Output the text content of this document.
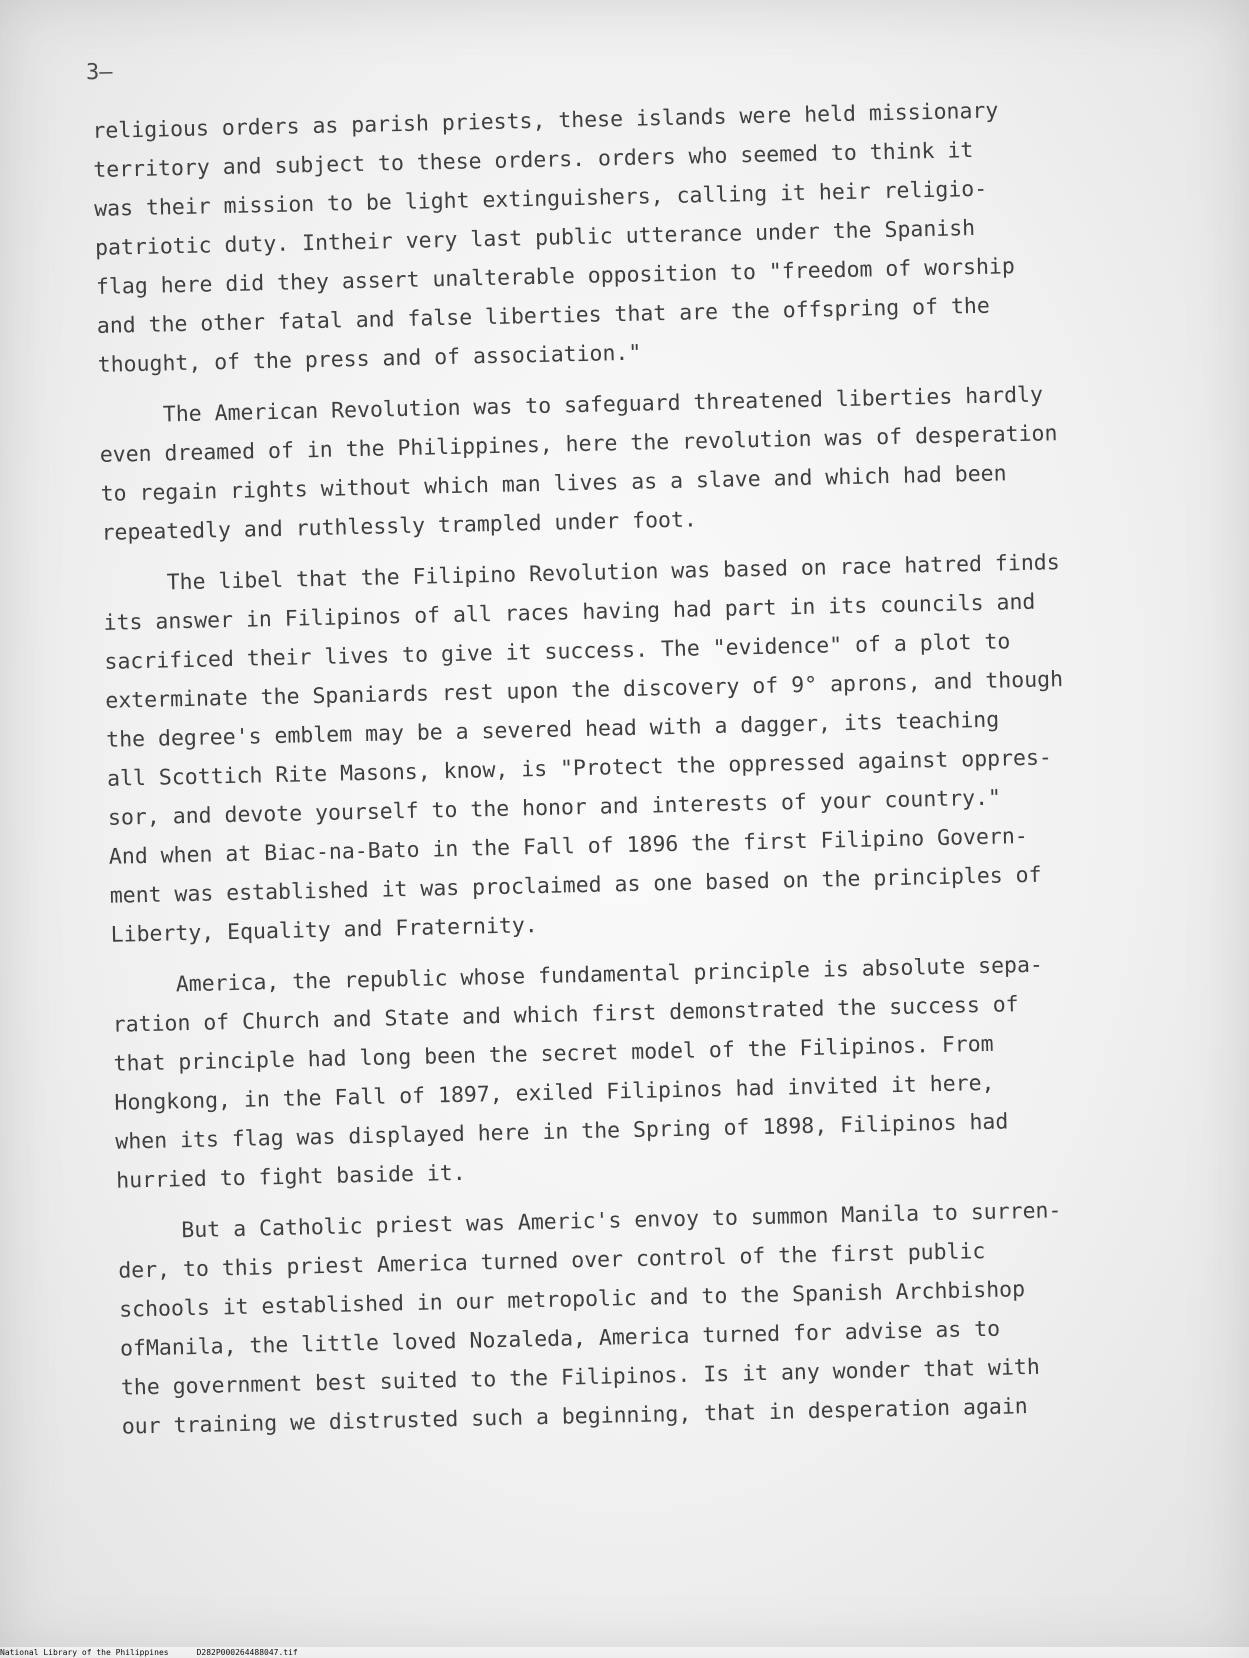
3–
religious orders as parish priests, these islands were held missionary
territory and subject to these orders. orders who seemed to think it
was their mission to be light extinguishers, calling it heir religio-
patriotic duty. Intheir very last public utterance under the Spanish
flag here did they assert unalterable opposition to "freedom of worship
and the other fatal and false liberties that are the offspring of the
thought, of the press and of association."
The American Revolution was to safeguard threatened liberties hardly
even dreamed of in the Philippines, here the revolution was of desperation
to regain rights without which man lives as a slave and which had been
repeatedly and ruthlessly trampled under foot.
The libel that the Filipino Revolution was based on race hatred finds
its answer in Filipinos of all races having had part in its councils and
sacrificed their lives to give it success. The "evidence" of a plot to
exterminate the Spaniards rest upon the discovery of 9° aprons, and though
the degree's emblem may be a severed head with a dagger, its teaching
all Scottich Rite Masons, know, is "Protect the oppressed against oppres-
sor, and devote yourself to the honor and interests of your country."
And when at Biac-na-Bato in the Fall of 1896 the first Filipino Govern-
ment was established it was proclaimed as one based on the principles of
Liberty, Equality and Fraternity.
America, the republic whose fundamental principle is absolute sepa-
ration of Church and State and which first demonstrated the success of
that principle had long been the secret model of the Filipinos. From
Hongkong, in the Fall of 1897, exiled Filipinos had invited it here,
when its flag was displayed here in the Spring of 1898, Filipinos had
hurried to fight baside it.
But a Catholic priest was Americ's envoy to summon Manila to surren-
der, to this priest America turned over control of the first public
schools it established in our metropolic and to the Spanish Archbishop
ofManila, the little loved Nozaleda, America turned for advise as to
the government best suited to the Filipinos. Is it any wonder that with
our training we distrusted such a beginning, that in desperation again
National Library of the Philippines	D282P000264488047.tif
